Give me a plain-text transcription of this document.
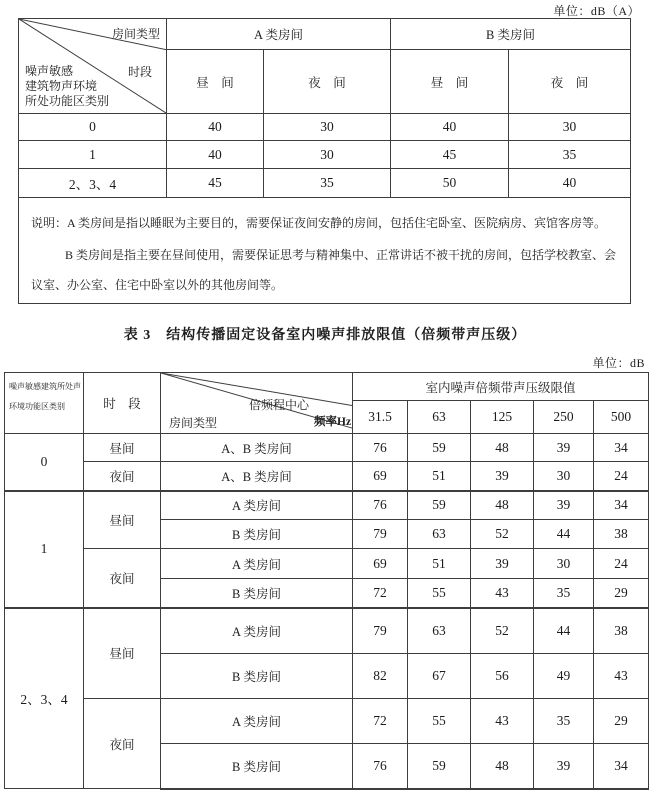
单位：dB（A）
房间类型
时段
噪声敏感
建筑物声环境
所处功能区类别	A 类房间		B 类房间	
	昼　间	夜　间	昼　间	夜　间
0	40	30	40	30
1	40	30	45	35
2、3、4	45	35	50	40

说明：A 类房间是指以睡眠为主要目的，需要保证夜间安静的房间，包括住宅卧室、医院病房、宾馆客房等。

B 类房间是指主要在昼间使用，需要保证思考与精神集中、正常讲话不被干扰的房间，包括学校教室、会议室、办公室、住宅中卧室以外的其他房间等。				

表 3　结构传播固定设备室内噪声排放限值（倍频带声压级）
单位：dB
噪声敏感建筑所处声
环境功能区类别	时　段	倍频程中心
频率Hz
房间类型	室内噪声倍频带声压级限值				
			31.5	63	125	250	500
0	昼间	A、B 类房间	76	59	48	39	34
	夜间	A、B 类房间	69	51	39	30	24
1	昼间	A 类房间	76	59	48	39	34
		B 类房间	79	63	52	44	38
	夜间	A 类房间	69	51	39	30	24
		B 类房间	72	55	43	35	29
2、3、4	昼间	A 类房间	79	63	52	44	38
		B 类房间	82	67	56	49	43
	夜间	A 类房间	72	55	43	35	29
		B 类房间	76	59	48	39	34
